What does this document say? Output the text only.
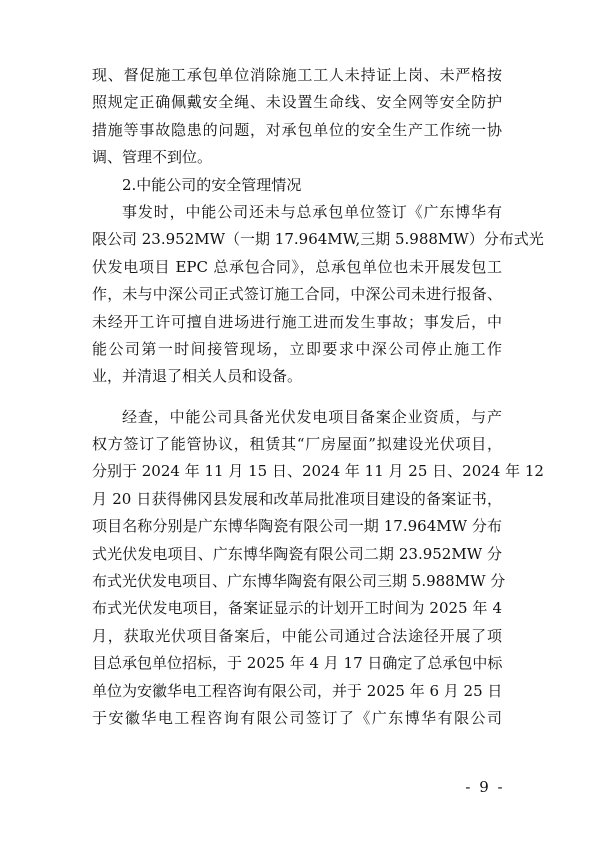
现、督促施工承包单位消除施工工人未持证上岗、未严格按
照规定正确佩戴安全绳、未设置生命线、安全网等安全防护
措施等事故隐患的问题，对承包单位的安全生产工作统一协
调、管理不到位。
2.中能公司的安全管理情况
事发时，中能公司还未与总承包单位签订《广东博华有
限公司 23.952MW（一期 17.964MW,三期 5.988MW）分布式光
伏发电项目 EPC 总承包合同》，总承包单位也未开展发包工
作，未与中深公司正式签订施工合同，中深公司未进行报备、
未经开工许可擅自进场进行施工进而发生事故；事发后，中
能公司第一时间接管现场，立即要求中深公司停止施工作
业，并清退了相关人员和设备。
经查，中能公司具备光伏发电项目备案企业资质，与产
权方签订了能管协议，租赁其“厂房屋面”拟建设光伏项目，
分别于 2024 年 11 月 15 日、2024 年 11 月 25 日、2024 年 12
月 20 日获得佛冈县发展和改革局批准项目建设的备案证书，
项目名称分别是广东博华陶瓷有限公司一期 17.964MW 分布
式光伏发电项目、广东博华陶瓷有限公司二期 23.952MW 分
布式光伏发电项目、广东博华陶瓷有限公司三期 5.988MW 分
布式光伏发电项目，备案证显示的计划开工时间为 2025 年 4
月，获取光伏项目备案后，中能公司通过合法途径开展了项
目总承包单位招标，于 2025 年 4 月 17 日确定了总承包中标
单位为安徽华电工程咨询有限公司，并于 2025 年 6 月 25 日
于安徽华电工程咨询有限公司签订了《广东博华有限公司
- 9 -
